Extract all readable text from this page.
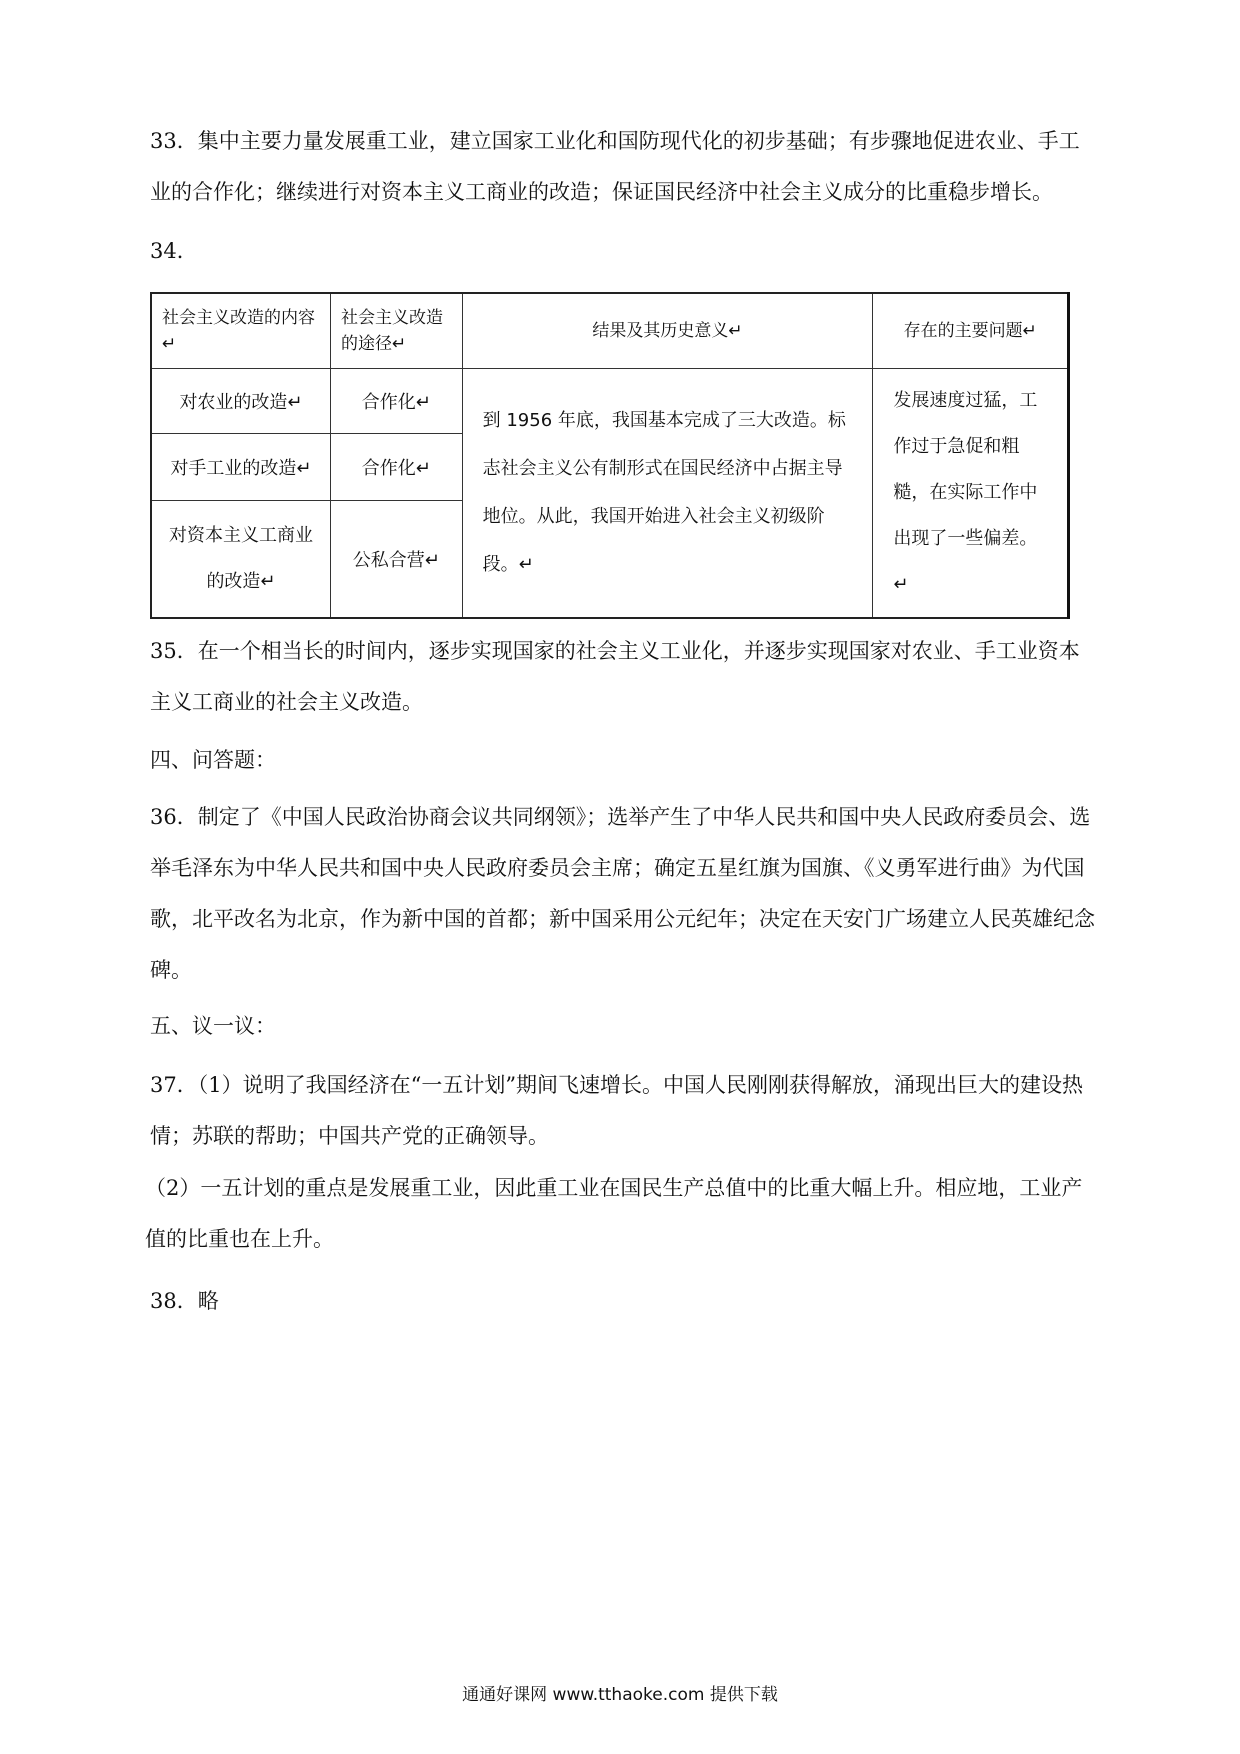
33．集中主要力量发展重工业，建立国家工业化和国防现代化的初步基础；有步骤地促进农业、手工业的合作化；继续进行对资本主义工商业的改造；保证国民经济中社会主义成分的比重稳步增长。

34．

社会主义改造的内容↵	社会主义改造的途径↵	结果及其历史意义↵	存在的主要问题↵
对农业的改造↵	合作化↵	到 1956 年底，我国基本完成了三大改造。标志社会主义公有制形式在国民经济中占据主导地位。从此，我国开始进入社会主义初级阶段。↵	发展速度过猛，工作过于急促和粗糙，在实际工作中出现了一些偏差。↵
对手工业的改造↵	合作化↵		
对资本主义工商业的改造↵	公私合营↵		

35．在一个相当长的时间内，逐步实现国家的社会主义工业化，并逐步实现国家对农业、手工业资本主义工商业的社会主义改造。

四、问答题：

36．制定了《中国人民政治协商会议共同纲领》；选举产生了中华人民共和国中央人民政府委员会、选举毛泽东为中华人民共和国中央人民政府委员会主席；确定五星红旗为国旗、《义勇军进行曲》为代国歌，北平改名为北京，作为新中国的首都；新中国采用公元纪年；决定在天安门广场建立人民英雄纪念碑。

五、议一议：

37．（1）说明了我国经济在“一五计划”期间飞速增长。中国人民刚刚获得解放，涌现出巨大的建设热情；苏联的帮助；中国共产党的正确领导。

（2）一五计划的重点是发展重工业，因此重工业在国民生产总值中的比重大幅上升。相应地，工业产值的比重也在上升。

38．略

通通好课网 www.tthaoke.com 提供下载
